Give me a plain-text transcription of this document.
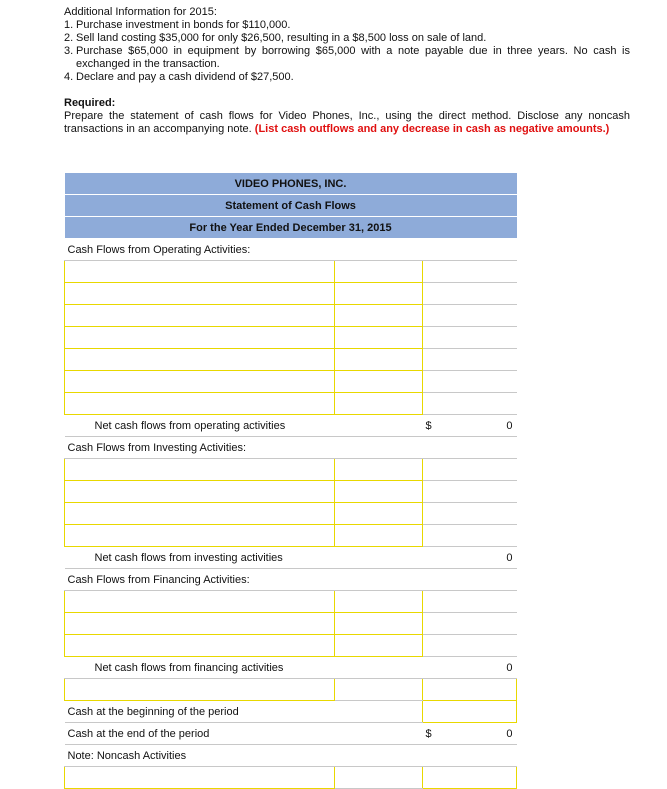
Additional Information for 2015:

1. Purchase investment in bonds for $110,000.
2. Sell land costing $35,000 for only $26,500, resulting in a $8,500 loss on sale of land.
3. Purchase $65,000 in equipment by borrowing $65,000 with a note payable due in three years. No cash is exchanged in the transaction.
4. Declare and pay a cash dividend of $27,500.

Required:

Prepare the statement of cash flows for Video Phones, Inc., using the direct method. Disclose any noncash transactions in an accompanying note. (List cash outflows and any decrease in cash as negative amounts.)

VIDEO PHONES, INC.		
Statement of Cash Flows		
For the Year Ended December 31, 2015		
Cash Flows from Operating Activities:		

Net cash flows from operating activities		$ 0

Cash Flows from Investing Activities:		

Net cash flows from investing activities		0
Cash Flows from Financing Activities:		

Net cash flows from financing activities		0

Cash at the beginning of the period		
Cash at the end of the period		$ 0

Note: Noncash Activities		
